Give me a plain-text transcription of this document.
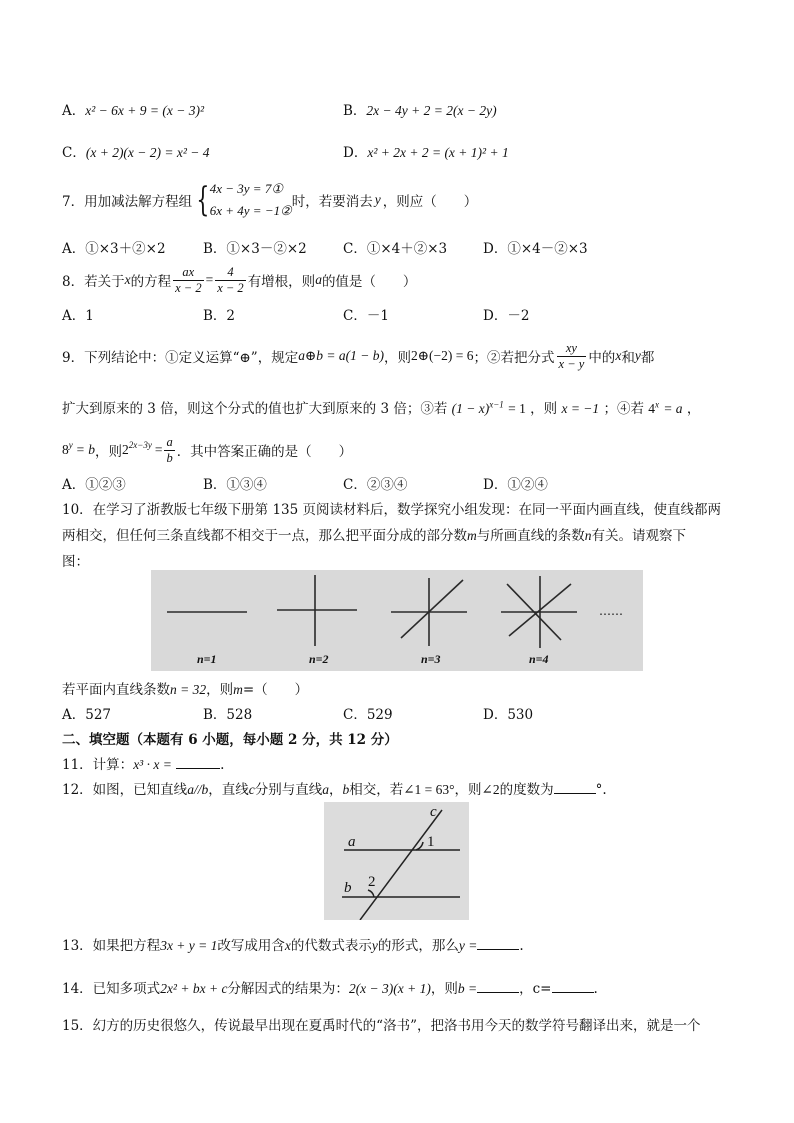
A．x² − 6x + 9 = (x − 3)²	B．2x − 4y + 2 = 2(x − 2y)
C．(x + 2)(x − 2) = x² − 4	D．x² + 2x + 2 = (x + 1)² + 1
7．用加减法解方程组 { 4x − 3y = 7①
6x + 4y = −1②
时，若要消去 y ，则应（　　）
A．①×3＋②×2	B．①×3－②×2	C．①×4＋②×3	D．①×4－②×3
8．若关于 x 的方程 $\frac{ax}{x - 2} = \frac{4}{x - 2}$ 有增根，则 a 的值是（　　）
A．1	B．2	C．－1	D．－2
9．下列结论中：①定义运算“⊕”，规定 a⊕b = a(1 − b) ，则 2⊕(−2) = 6 ；②若把分式 $\frac{xy}{x - y}$ 中的 x 和 y 都
扩大到原来的 3 倍，则这个分式的值也扩大到原来的 3 倍；③若 $(1 - x)^{x-1} = 1$ ，则 x = −1 ；④若 $4^x = a$ ，
8 y = b ，则 2 $2x-3y = \frac{a}{b}$ ．其中答案正确的是（　　）
A．①②③	B．①③④	C．②③④	D．①②④
10．在学习了浙教版七年级下册第 135 页阅读材料后，数学探究小组发现：在同一平面内画直线，使直线都两
两相交，但任何三条直线都不相交于一点，那么把平面分成的部分数m与所画直线的条数n有关。请观察下
图：
n=1	n=2	n=3	n=4
……
若平面内直线条数n = 32，则m=（　　）
A．527	B．528	C．529	D．530
二、填空题（本题有 6 小题，每小题 2 分，共 12 分）
11．计算：x³ · x =	.
12．如图，已知直线a//b，直线c分别与直线a，b相交，若∠1 = 63°，则∠2的度数为	°.
a
b
c
1
2
13．如果把方程3x + y = 1改写成用含x的代数式表示y的形式，那么y =	.
14．已知多项式2x² + bx + c分解因式的结果为：2(x − 3)(x + 1)，则b =	，c=	.
15．幻方的历史很悠久，传说最早出现在夏禹时代的“洛书”，把洛书用今天的数学符号翻译出来，就是一个
